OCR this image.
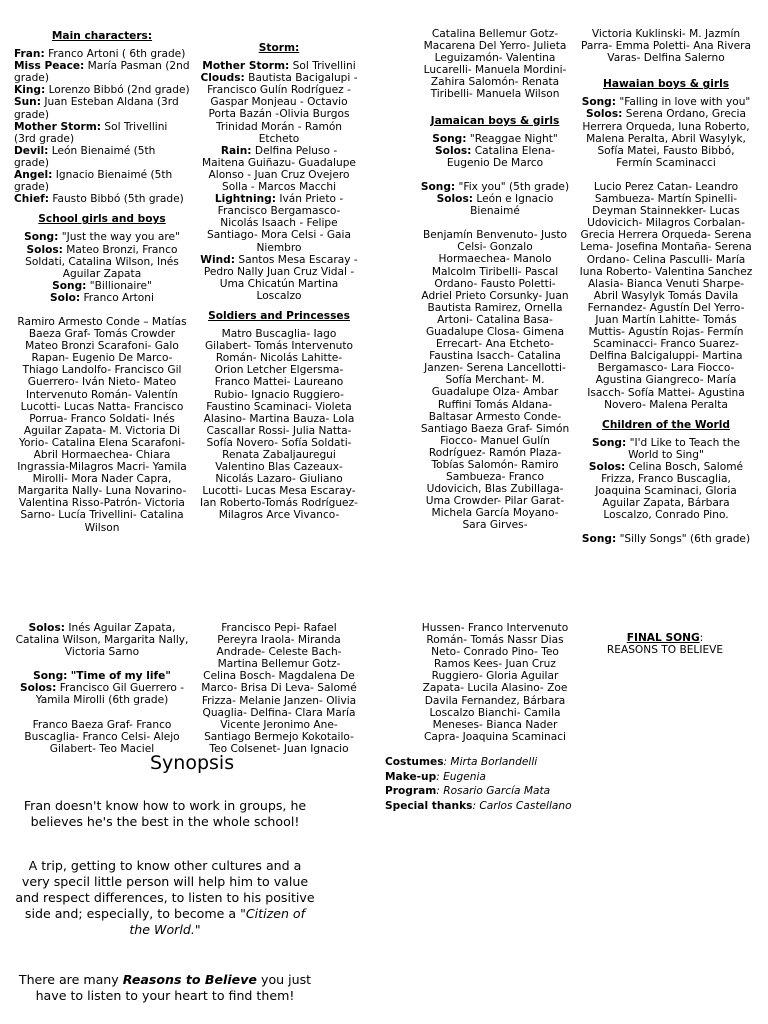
Main characters:

Fran: Franco Artoni ( 6th grade)

Miss Peace: María Pasman (2nd grade)

King: Lorenzo Bibbó (2nd grade)

Sun: Juan Esteban Aldana (3rd grade)

Mother Storm: Sol Trivellini (3rd grade)

Devil: León Bienaimé (5th grade)

Angel: Ignacio Bienaimé (5th grade)

Chief: Fausto Bibbó (5th grade)

School girls and boys

Song: "Just the way you are"

Solos: Mateo Bronzi, Franco Soldati, Catalina Wilson, Inés Aguilar Zapata

Song: "Billionaire"

Solo: Franco Artoni

Ramiro Armesto Conde – Matías Baeza Graf- Tomás Crowder Mateo Bronzi Scarafoni- Galo Rapan- Eugenio De Marco- Thiago Landolfo- Francisco Gil Guerrero- Iván Nieto- Mateo Intervenuto Román- Valentín Lucotti- Lucas Natta- Francisco Porrua- Franco Soldati- Inés Aguilar Zapata- M. Victoria Di Yorio- Catalina Elena Scarafoni- Abril Hormaechea- Chiara Ingrassia-Milagros Macri- Yamila Mirolli- Mora Nader Capra, Margarita Nally- Luna Novarino- Valentina Risso-Patrón- Victoria Sarno- Lucía Trivellini- Catalina Wilson

Storm:

Mother Storm: Sol Trivellini

Clouds: Bautista Bacigalupi -Francisco Gulín Rodríguez - Gaspar Monjeau - Octavio Porta Bazán -Olivia Burgos Trinidad Morán - Ramón Etcheto

Rain: Delfina Peluso - Maitena Guiñazu- Guadalupe Alonso - Juan Cruz Ovejero Solla - Marcos Macchi

Lightning: Iván Prieto - Francisco Bergamasco- Nicolás Isaach - Felipe Santiago- Mora Celsi - Gaia Niembro

Wind: Santos Mesa Escaray - Pedro Nally Juan Cruz Vidal - Uma Chicatún Martina Loscalzo

Soldiers and Princesses

Matro Buscaglia- Iago Gilabert- Tomás Intervenuto Román- Nicolás Lahitte- Orion Letcher Elgersma- Franco Mattei- Laureano Rubio- Ignacio Ruggiero- Faustino Scaminaci- Violeta Alasino- Martina Bauza- Lola Cascallar Rossi- Julia Natta- Sofía Novero- Sofía Soldati- Renata Zabaljauregui Valentino Blas Cazeaux- Nicolás Lazaro- Giuliano Lucotti- Lucas Mesa Escaray- Ian Roberto-Tomás Rodríguez- Milagros Arce Vivanco-

Catalina Bellemur Gotz- Macarena Del Yerro- Julieta Leguizamón- Valentina Lucarelli- Manuela Mordini- Zahira Salomón- Renata Tiribelli- Manuela Wilson

Jamaican boys & girls

Song: "Reaggae Night"

Solos: Catalina Elena- Eugenio De Marco

Song: "Fix you" (5th grade)

Solos: León e Ignacio Bienaimé

Benjamín Benvenuto- Justo Celsi- Gonzalo Hormaechea- Manolo Malcolm Tiribelli- Pascal Ordano- Fausto Poletti- Adriel Prieto Corsunky- Juan Bautista Ramirez, Ornella Artoni- Catalina Basa- Guadalupe Closa- Gimena Errecart- Ana Etcheto- Faustina Isacch- Catalina Janzen- Serena Lancellotti- Sofía Merchant- M. Guadalupe Olza- Ambar Ruffini Tomás Aldana- Baltasar Armesto Conde- Santiago Baeza Graf- Simón Fiocco- Manuel Gulín Rodríguez- Ramón Plaza- Tobías Salomón- Ramiro Sambueza- Franco Udovicich, Blas Zubillaga- Uma Crowder- Pilar Garat- Michela García Moyano- Sara Girves-

Victoria Kuklinski- M. Jazmín Parra- Emma Poletti- Ana Rivera Varas- Delfina Salerno

Hawaian boys & girls

Song: "Falling in love with you"

Solos: Serena Ordano, Grecia Herrera Orqueda, Iuna Roberto, Malena Peralta, Abril Wasylyk, Sofía Matei, Fausto Bibbó, Fermín Scaminacci

Lucio Perez Catan- Leandro Sambueza- Martín Spinelli- Deyman Stainnekker- Lucas Udovicich- Milagros Corbalan- Grecia Herrera Orqueda- Serena Lema- Josefina Montaña- Serena Ordano- Celina Pasculli- María Iuna Roberto- Valentina Sanchez Alasia- Bianca Venuti Sharpe- Abril Wasylyk Tomás Davila Fernandez- Agustín Del Yerro- Juan Martín Lahitte- Tomás Muttis- Agustín Rojas- Fermín Scaminacci- Franco Suarez- Delfina Balcigaluppi- Martina Bergamasco- Lara Fiocco- Agustina Giangreco- María Isacch- Sofía Mattei- Agustina Novero- Malena Peralta

Children of the World

Song: "I'd Like to Teach the World to Sing"

Solos: Celina Bosch, Salomé Frizza, Franco Buscaglia, Joaquina Scaminaci, Gloria Aguilar Zapata, Bárbara Loscalzo, Conrado Pino.

Song: "Silly Songs" (6th grade)

Solos: Inés Aguilar Zapata, Catalina Wilson, Margarita Nally, Victoria Sarno

Song: "Time of my life"

Solos: Francisco Gil Guerrero - Yamila Mirolli (6th grade)

Franco Baeza Graf- Franco Buscaglia- Franco Celsi- Alejo Gilabert- Teo Maciel

Francisco Pepi- Rafael Pereyra Iraola- Miranda Andrade- Celeste Bach- Martina Bellemur Gotz- Celina Bosch- Magdalena De Marco- Brisa Di Leva- Salomé Frizza- Melanie Janzen- Olivia Quaglia- Delfina- Clara María Vicente Jeronimo Ane- Santiago Bermejo Kokotailo- Teo Colsenet- Juan Ignacio

Hussen- Franco Intervenuto Román- Tomás Nassr Dias Neto- Conrado Pino- Teo Ramos Kees- Juan Cruz Ruggiero- Gloria Aguilar Zapata- Lucila Alasino- Zoe Davila Fernandez, Bárbara Loscalzo Bianchi- Camila Meneses- Bianca Nader Capra- Joaquina Scaminaci

FINAL SONG:
REASONS TO BELIEVE
Costumes: Mirta Borlandelli
Make-up: Eugenia
Program: Rosario García Mata
Special thanks: Carlos Castellano
Synopsis

Fran doesn't know how to work in groups, he believes he's the best in the whole school!

A trip, getting to know other cultures and a very specil little person will help him to value and respect differences, to listen to his positive side and; especially, to become a "Citizen of the World."

There are many Reasons to Believe you just have to listen to your heart to find them!
